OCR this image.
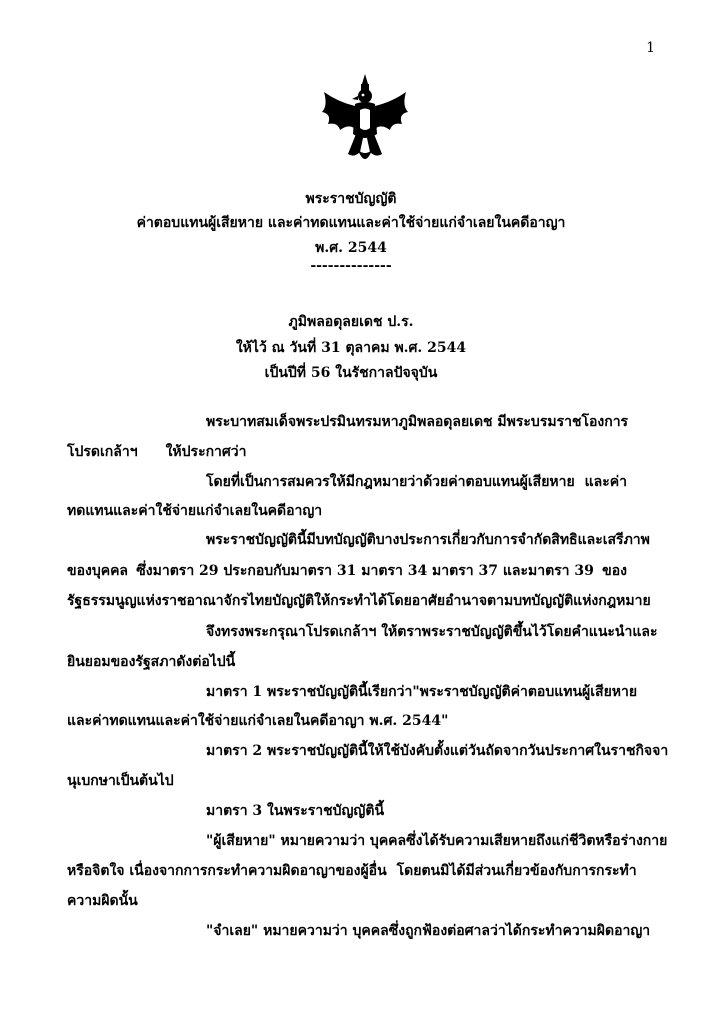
1
พระราชบัญญัติ
ค่าตอบแทนผู้เสียหาย และค่าทดแทนและค่าใช้จ่ายแก่จำเลยในคดีอาญา
พ.ศ. 2544
--------------
ภูมิพลอดุลยเดช ป.ร.
ให้ไว้ ณ วันที่ 31 ตุลาคม พ.ศ. 2544
เป็นปีที่ 56 ในรัชกาลปัจจุบัน
พระบาทสมเด็จพระปรมินทรมหาภูมิพลอดุลยเดช มีพระบรมราชโองการ
โปรดเกล้าฯ ให้ประกาศว่า
โดยที่เป็นการสมควรให้มีกฎหมายว่าด้วยค่าตอบแทนผู้เสียหาย และค่า
ทดแทนและค่าใช้จ่ายแก่จำเลยในคดีอาญา
พระราชบัญญัตินี้มีบทบัญญัติบางประการเกี่ยวกับการจำกัดสิทธิและเสรีภาพ
ของบุคคล ซึ่งมาตรา 29 ประกอบกับมาตรา 31 มาตรา 34 มาตรา 37 และมาตรา 39 ของ
รัฐธรรมนูญแห่งราชอาณาจักรไทยบัญญัติให้กระทำได้โดยอาศัยอำนาจตามบทบัญญัติแห่งกฎหมาย
จึงทรงพระกรุณาโปรดเกล้าฯ ให้ตราพระราชบัญญัติขึ้นไว้โดยคำแนะนำและ
ยินยอมของรัฐสภาดังต่อไปนี้
มาตรา 1 พระราชบัญญัตินี้เรียกว่า "พระราชบัญญัติค่าตอบแทนผู้เสียหาย
และค่าทดแทนและค่าใช้จ่ายแก่จำเลยในคดีอาญา พ.ศ. 2544"
มาตรา 2 พระราชบัญญัตินี้ให้ใช้บังคับตั้งแต่วันถัดจากวันประกาศในราชกิจจา
นุเบกษาเป็นต้นไป
มาตรา 3 ในพระราชบัญญัตินี้
"ผู้เสียหาย" หมายความว่า บุคคลซึ่งได้รับความเสียหายถึงแก่ชีวิตหรือร่างกาย
หรือจิตใจ เนื่องจากการกระทำความผิดอาญาของผู้อื่น โดยตนมิได้มีส่วนเกี่ยวข้องกับการกระทำ
ความผิดนั้น
"จำเลย" หมายความว่า บุคคลซึ่งถูกฟ้องต่อศาลว่าได้กระทำความผิดอาญา
